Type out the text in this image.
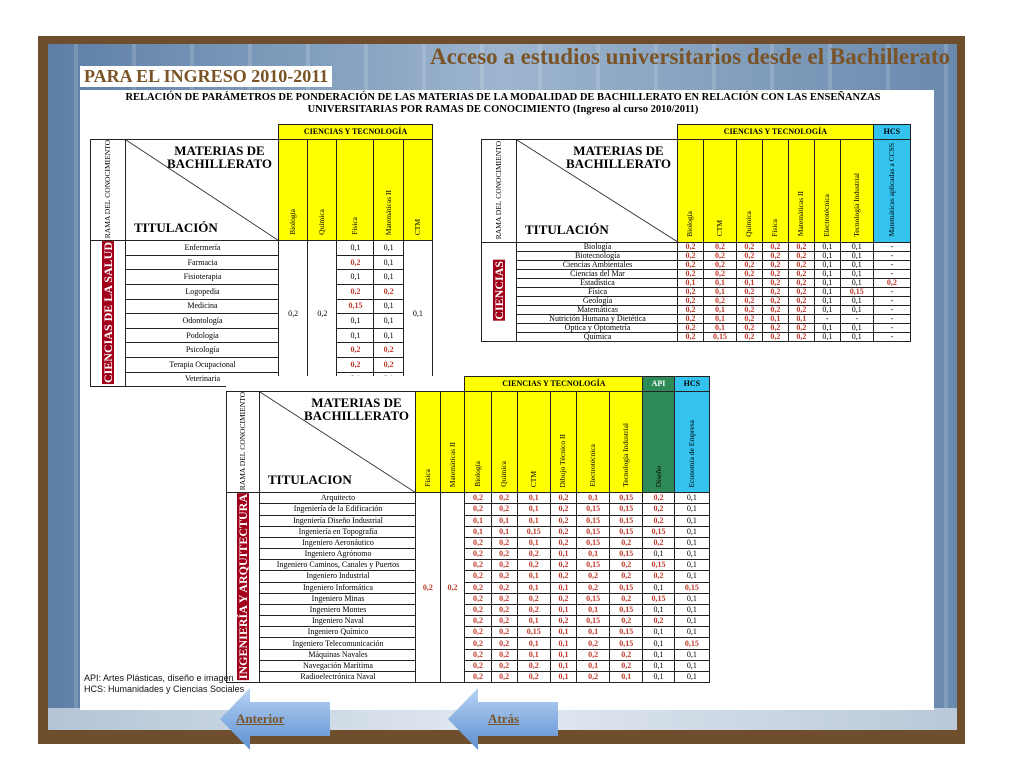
Acceso a estudios universitarios desde el Bachillerato
PARA EL INGRESO 2010-2011
RELACIÓN DE PARÁMETROS DE PONDERACIÓN DE LAS MATERIAS DE LA MODALIDAD DE BACHILLERATO EN RELACIÓN CON LAS ENSEÑANZAS
UNIVERSITARIAS POR RAMAS DE CONOCIMIENTO (Ingreso al curso 2010/2011)
		CIENCIAS Y TECNOLOGÍA				
RAMA DEL CONOCIMIENTO	MATERIAS DE
BACHILLERATO
TITULACIÓN	Biología	Química	Física	Matemáticas II	CTM
CIENCIAS DE LA SALUD	Enfermería	0,2	0,2	0,1	0,1	0,1
	Farmacia			0,2	0,1	
	Fisioterapia			0,1	0,1	
	Logopedia			0,2	0,2	
	Medicina			0,15	0,1	
	Odontología			0,1	0,1	
	Podología			0,1	0,1	
	Psicología			0,2	0,2	
	Terapia Ocupacional			0,2	0,2	
	Veterinaria		
		CIENCIAS Y TECNOLOGÍA							HCS
RAMA DEL CONOCIMIENTO	MATERIAS DE
BACHILLERATO
TITULACIÓN	Biología	CTM	Química	Física	Matemáticas II	Electrotécnica	Tecnología Industrial	Matemáticas aplicadas a CCSS
CIENCIAS	Biología	0,2	0,2	0,2	0,2	0,2	0,1	0,1	-
	Biotecnología	0,2	0,2	0,2	0,2	0,2	0,1	0,1	-
	Ciencias Ambientales	0,2	0,2	0,2	0,2	0,2	0,1	0,1	-
	Ciencias del Mar	0,2	0,2	0,2	0,2	0,2	0,1	0,1	-
	Estadística	0,1	0,1	0,1	0,2	0,2	0,1	0,1	0,2
	Física	0,2	0,1	0,2	0,2	0,2	0,1	0,15	-
	Geología	0,2	0,2	0,2	0,2	0,2	0,1	0,1	-
	Matemáticas	0,2	0,1	0,2	0,2	0,2	0,1	0,1	-
	Nutrición Humana y Dietética	0,2	0,1	0,2	0,1	0,1	-	-	-
	Optica y Optometría	0,2	0,1	0,2	0,2	0,2	0,1	0,1	-
	Química	0,2	0,15	0,2	0,2	0,2	0,1	0,1	-
				CIENCIAS Y TECNOLOGÍA						API	HCS
RAMA DEL CONOCIMIENTO	MATERIAS DE
BACHILLERATO
TITULACION	Física	Matemáticas II	Biología	Química	CTM	Dibujo Técnico II	Electrotécnica	Tecnología Industrial	Diseño	Economía de Empresa
INGENIERÍA Y ARQUITECTURA	Arquitecto	0,2	0,2	0,2	0,2	0,1	0,2	0,1	0,15	0,2	0,1
	Ingeniería de la Edificación			0,2	0,2	0,1	0,2	0,15	0,15	0,2	0,1
	Ingeniería Diseño Industrial			0,1	0,1	0,1	0,2	0,15	0,15	0,2	0,1
	Ingeniería en Topografía			0,1	0,1	0,15	0,2	0,15	0,15	0,15	0,1
	Ingeniero Aeronáutico			0,2	0,2	0,1	0,2	0,15	0,2	0,2	0,1
	Ingeniero Agrónomo			0,2	0,2	0,2	0,1	0,1	0,15	0,1	0,1
	Ingeniero Caminos, Canales y Puertos			0,2	0,2	0,2	0,2	0,15	0,2	0,15	0,1
	Ingeniero Industrial			0,2	0,2	0,1	0,2	0,2	0,2	0,2	0,1
	Ingeniero Informática			0,2	0,2	0,1	0,1	0,2	0,15	0,1	0,15
	Ingeniero Minas			0,2	0,2	0,2	0,2	0,15	0,2	0,15	0,1
	Ingeniero Montes			0,2	0,2	0,2	0,1	0,1	0,15	0,1	0,1
	Ingeniero Naval			0,2	0,2	0,1	0,2	0,15	0,2	0,2	0,1
	Ingeniero Químico			0,2	0,2	0,15	0,1	0,1	0,15	0,1	0,1
	Ingeniero Telecomunicación			0,2	0,2	0,1	0,1	0,2	0,15	0,1	0,15
	Máquinas Navales			0,2	0,2	0,1	0,1	0,2	0,2	0,1	0,1
	Navegación Marítima			0,2	0,2	0,2	0,1	0,1	0,2	0,1	0,1
	Radioelectrónica Naval			0,2	0,2	0,2	0,1	0,2	0,1	0,1	0,1
API: Artes Plásticas, diseño e imagen
HCS: Humanidades y Ciencias Sociales
Anterior	Atrás
